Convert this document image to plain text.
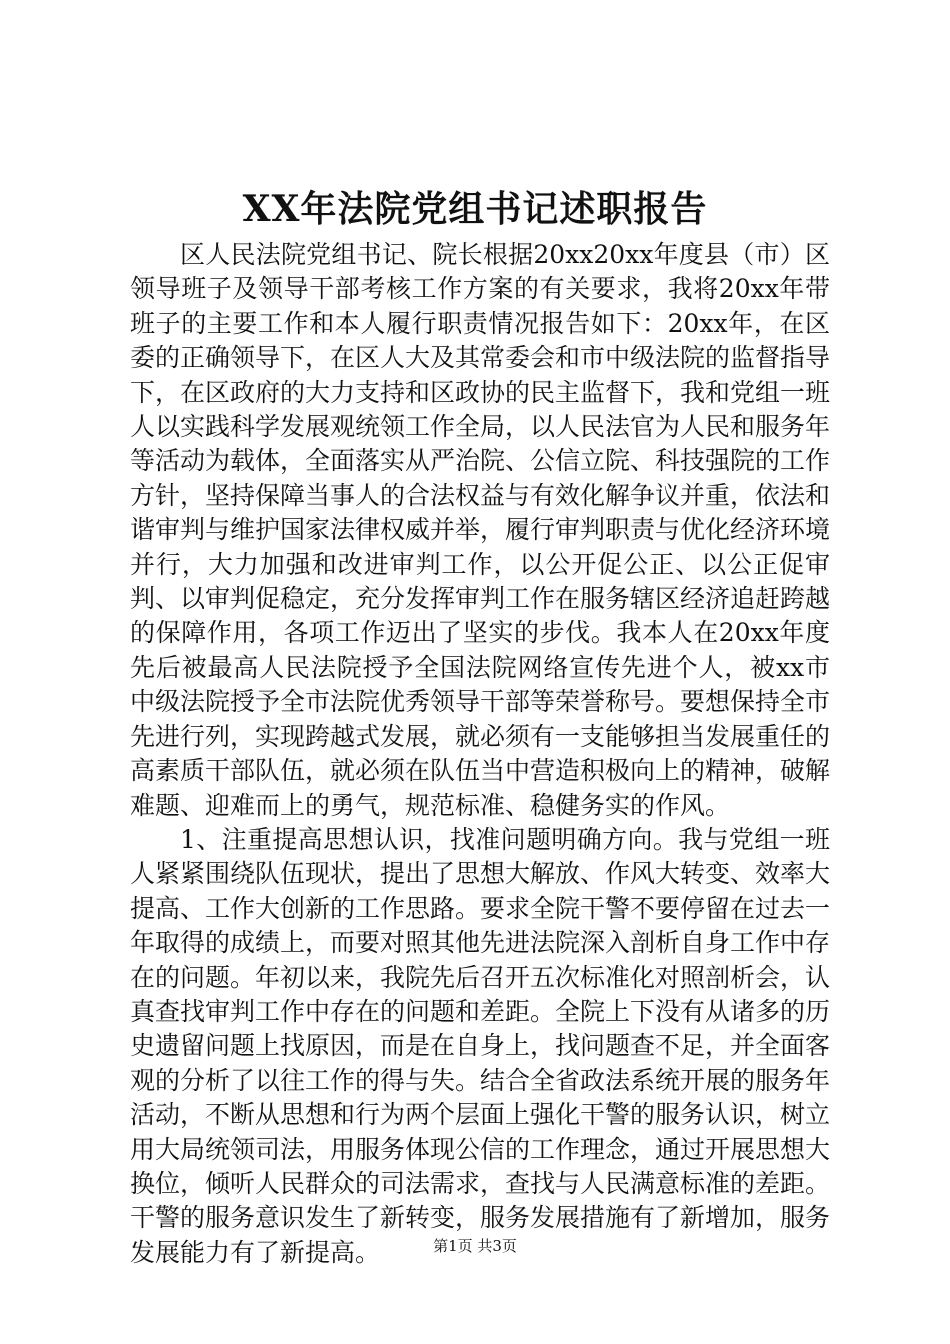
XX年法院党组书记述职报告

区人民法院党组书记、院长根据20xx20xx年度县（市）区领导班子及领导干部考核工作方案的有关要求，我将20xx年带班子的主要工作和本人履行职责情况报告如下：20xx年，在区委的正确领导下，在区人大及其常委会和市中级法院的监督指导下，在区政府的大力支持和区政协的民主监督下，我和党组一班人以实践科学发展观统领工作全局，以人民法官为人民和服务年等活动为载体，全面落实从严治院、公信立院、科技强院的工作方针，坚持保障当事人的合法权益与有效化解争议并重，依法和谐审判与维护国家法律权威并举，履行审判职责与优化经济环境并行，大力加强和改进审判工作，以公开促公正、以公正促审判、以审判促稳定，充分发挥审判工作在服务辖区经济追赶跨越的保障作用，各项工作迈出了坚实的步伐。我本人在20xx年度先后被最高人民法院授予全国法院网络宣传先进个人，被xx市中级法院授予全市法院优秀领导干部等荣誉称号。要想保持全市先进行列，实现跨越式发展，就必须有一支能够担当发展重任的高素质干部队伍，就必须在队伍当中营造积极向上的精神，破解难题、迎难而上的勇气，规范标准、稳健务实的作风。

1、注重提高思想认识，找准问题明确方向。我与党组一班人紧紧围绕队伍现状，提出了思想大解放、作风大转变、效率大提高、工作大创新的工作思路。要求全院干警不要停留在过去一年取得的成绩上，而要对照其他先进法院深入剖析自身工作中存在的问题。年初以来，我院先后召开五次标准化对照剖析会，认真查找审判工作中存在的问题和差距。全院上下没有从诸多的历史遗留问题上找原因，而是在自身上，找问题查不足，并全面客观的分析了以往工作的得与失。结合全省政法系统开展的服务年活动，不断从思想和行为两个层面上强化干警的服务认识，树立用大局统领司法，用服务体现公信的工作理念，通过开展思想大换位，倾听人民群众的司法需求，查找与人民满意标准的差距。干警的服务意识发生了新转变，服务发展措施有了新增加，服务发展能力有了新提高。	第1页 共3页
